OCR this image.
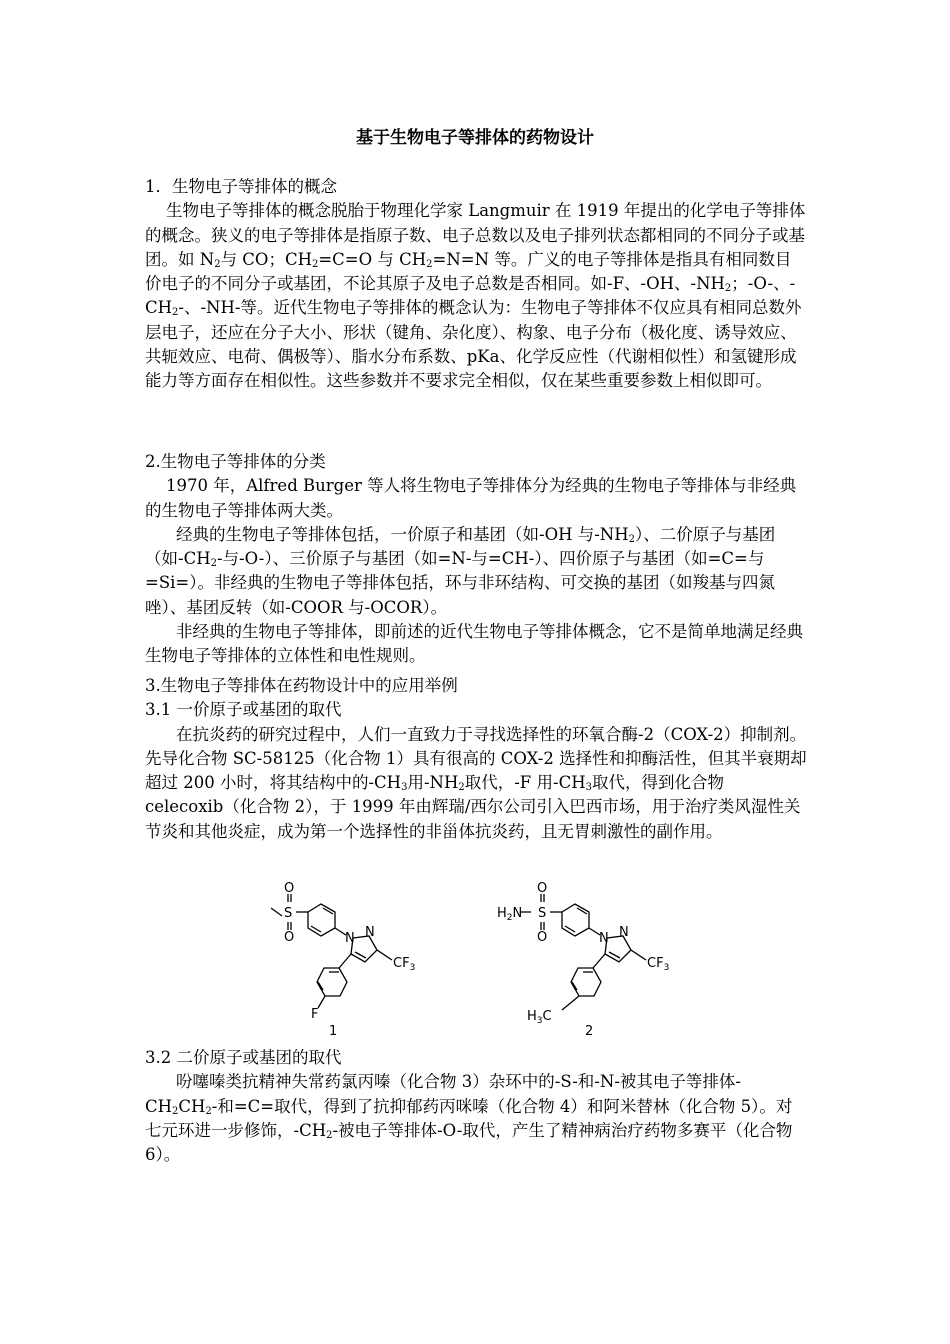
基于生物电子等排体的药物设计

1．生物电子等排体的概念

生物电子等排体的概念脱胎于物理化学家 Langmuir 在 1919 年提出的化学电子等排体的概念。狭义的电子等排体是指原子数、电子总数以及电子排列状态都相同的不同分子或基团。如 $N_2$与 CO；$CH_2=C=O$ 与 $CH_2=N=N$ 等。广义的电子等排体是指具有相同数目价电子的不同分子或基团，不论其原子及电子总数是否相同。如-F、-OH、$-NH_2$；-O-、$-CH_2-$、-NH-等。近代生物电子等排体的概念认为：生物电子等排体不仅应具有相同总数外层电子，还应在分子大小、形状（键角、杂化度）、构象、电子分布（极化度、诱导效应、共轭效应、电荷、偶极等）、脂水分布系数、pKa、化学反应性（代谢相似性）和氢键形成能力等方面存在相似性。这些参数并不要求完全相似，仅在某些重要参数上相似即可。

2.生物电子等排体的分类

1970 年，Alfred Burger 等人将生物电子等排体分为经典的生物电子等排体与非经典的生物电子等排体两大类。

经典的生物电子等排体包括，一价原子和基团（如-OH 与$-NH_2$）、二价原子与基团（如$-CH_2-$与-O-）、三价原子与基团（如=N-与=CH-）、四价原子与基团（如=C=与=Si=）。非经典的生物电子等排体包括，环与非环结构、可交换的基团（如羧基与四氮唑）、基团反转（如-COOR 与-OCOR）。

非经典的生物电子等排体，即前述的近代生物电子等排体概念，它不是简单地满足经典生物电子等排体的立体性和电性规则。

3.生物电子等排体在药物设计中的应用举例

3.1 一价原子或基团的取代

在抗炎药的研究过程中，人们一直致力于寻找选择性的环氧合酶-2（COX-2）抑制剂。先导化合物 SC-58125（化合物 1）具有很高的 COX-2 选择性和抑酶活性，但其半衰期却超过 200 小时，将其结构中的$-CH_3$用$-NH_2$取代，-F 用$-CH_3$取代，得到化合物 celecoxib（化合物 2），于 1999 年由辉瑞/西尔公司引入巴西市场，用于治疗类风湿性关节炎和其他炎症，成为第一个选择性的非甾体抗炎药，且无胃刺激性的副作用。

O
S
O	N N
$CF_3$
F
1
O
$H_2N$ S
O	N N
$CF_3$
$H_3C$
2

3.2 二价原子或基团的取代

吩噻嗪类抗精神失常药氯丙嗪（化合物 3）杂环中的-S-和-N-被其电子等排体$-CH_2CH_2-$和=C=取代，得到了抗抑郁药丙咪嗪（化合物 4）和阿米替林（化合物 5）。对七元环进一步修饰，$-CH_2-$被电子等排体-O-取代，产生了精神病治疗药物多赛平（化合物 6）。
